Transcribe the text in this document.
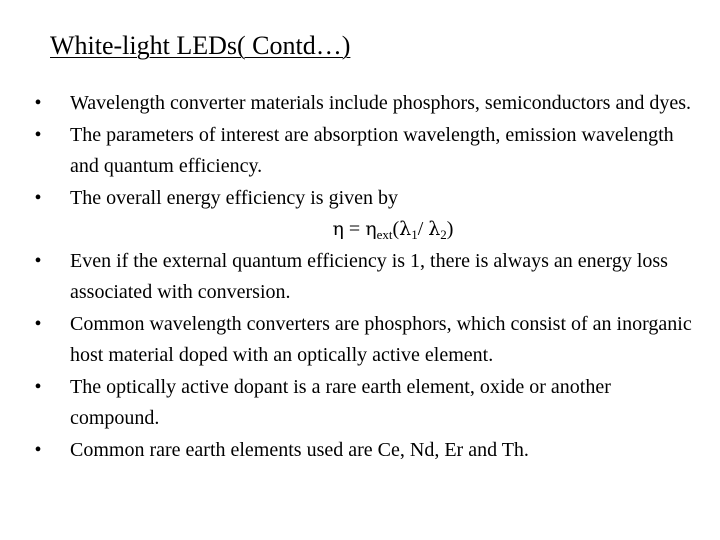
White-light LEDs( Contd…)
•	Wavelength converter materials include phosphors, semiconductors and dyes.
•	The parameters of interest are absorption wavelength, emission wavelength and quantum efficiency.
•	The overall energy efficiency is given by
$\eta = \eta_{ext}(\lambda_1/$ $\lambda_2$)
•	Even if the external quantum efficiency is 1, there is always an energy loss associated with conversion.
•	Common wavelength converters are phosphors, which consist of an inorganic host material doped with an optically active element.
•	The optically active dopant is a rare earth element, oxide or another compound.
•	Common rare earth elements used are Ce, Nd, Er and Th.
